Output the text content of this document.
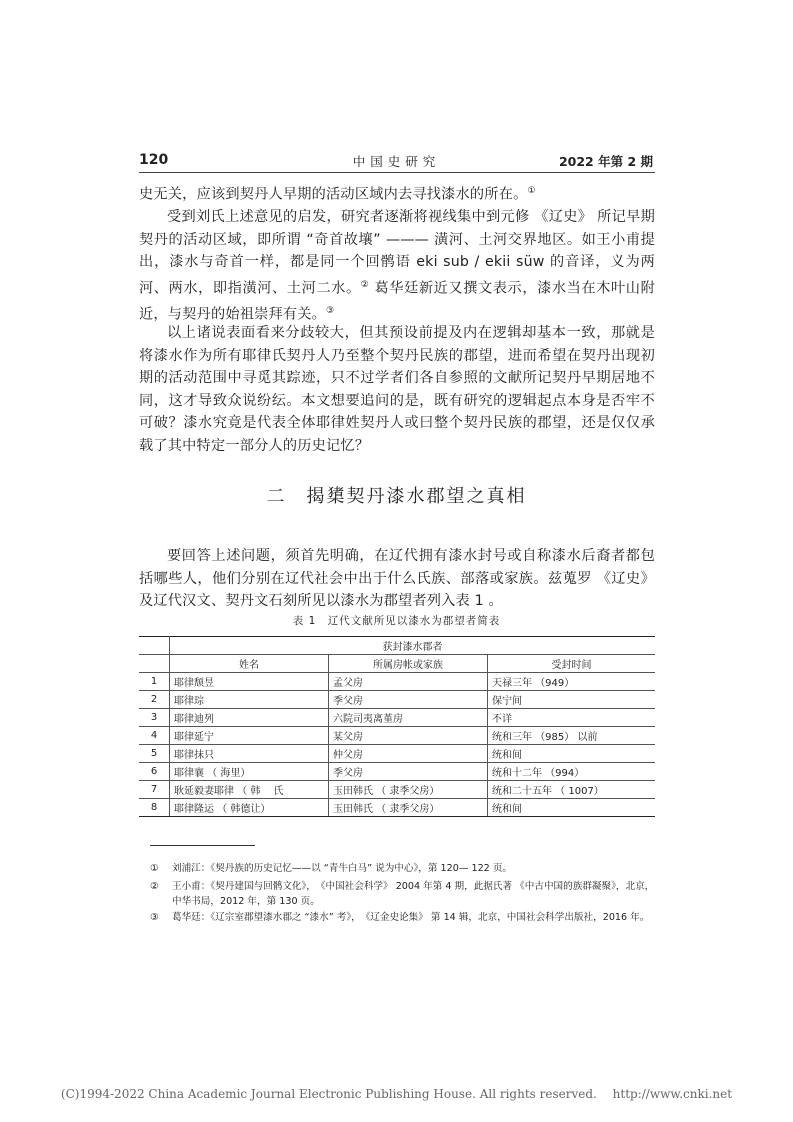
120	中国史研究	2022 年第 2 期
史无关，应该到契丹人早期的活动区域内去寻找漆水的所在。①
受到刘氏上述意见的启发，研究者逐渐将视线集中到元修 《辽史》 所记早期契丹的活动区域，即所谓 “奇首故壤” ——— 潢河、土河交界地区。如王小甫提出，漆水与奇首一样，都是同一个回鹘语 eki sub / ekii süw 的音译，义为两河、两水，即指潢河、土河二水。② 葛华廷新近又撰文表示，漆水当在木叶山附近，与契丹的始祖崇拜有关。③
以上诸说表面看来分歧较大，但其预设前提及内在逻辑却基本一致，那就是将漆水作为所有耶律氏契丹人乃至整个契丹民族的郡望，进而希望在契丹出现初期的活动范围中寻觅其踪迹，只不过学者们各自参照的文献所记契丹早期居地不同，这才导致众说纷纭。本文想要追问的是，既有研究的逻辑起点本身是否牢不可破？漆水究竟是代表全体耶律姓契丹人或曰整个契丹民族的郡望，还是仅仅承载了其中特定一部分人的历史记忆？
二　揭橥契丹漆水郡望之真相
要回答上述问题，须首先明确，在辽代拥有漆水封号或自称漆水后裔者都包括哪些人，他们分别在辽代社会中出于什么氏族、部落或家族。兹蒐罗 《辽史》 及辽代汉文、契丹文石刻所见以漆水为郡望者列入表 1 。
表 1　辽代文献所见以漆水为郡望者简表
	获封漆水郡者		
	姓名	所属房帐或家族	受封时间
1	耶律颓昱	孟父房	天禄三年 （949）
2	耶律琮	季父房	保宁间
3	耶律迪列	六院司夷离堇房	不详
4	耶律延宁	某父房	统和三年 （985） 以前
5	耶律抹只	仲父房	统和间
6	耶律襄 （ 海里）	季父房	统和十二年 （994）
7	耿延毅妻耶律 （ 韩　 氏	玉田韩氏 （ 隶季父房）	统和二十五年 （ 1007）
8	耶律隆运 （ 韩德让）	玉田韩氏 （ 隶季父房）	统和间
①	刘浦江：《契丹族的历史记忆——以 “青牛白马” 说为中心》，第 120— 122 页。
②	王小甫：《契丹建国与回鹘文化》，　《中国社会科学》 2004 年第 4 期，此据氏著 《中古中国的族群凝聚》，北京，中华书局，2012 年，第 130 页。
③	葛华廷：《辽宗室郡望漆水郡之 “漆水” 考》，　《辽金史论集》 第 14 辑，北京，中国社会科学出版社，2016 年。
(C)1994-2022 China Academic Journal Electronic Publishing House. All rights reserved.　 http://www.cnki.net
